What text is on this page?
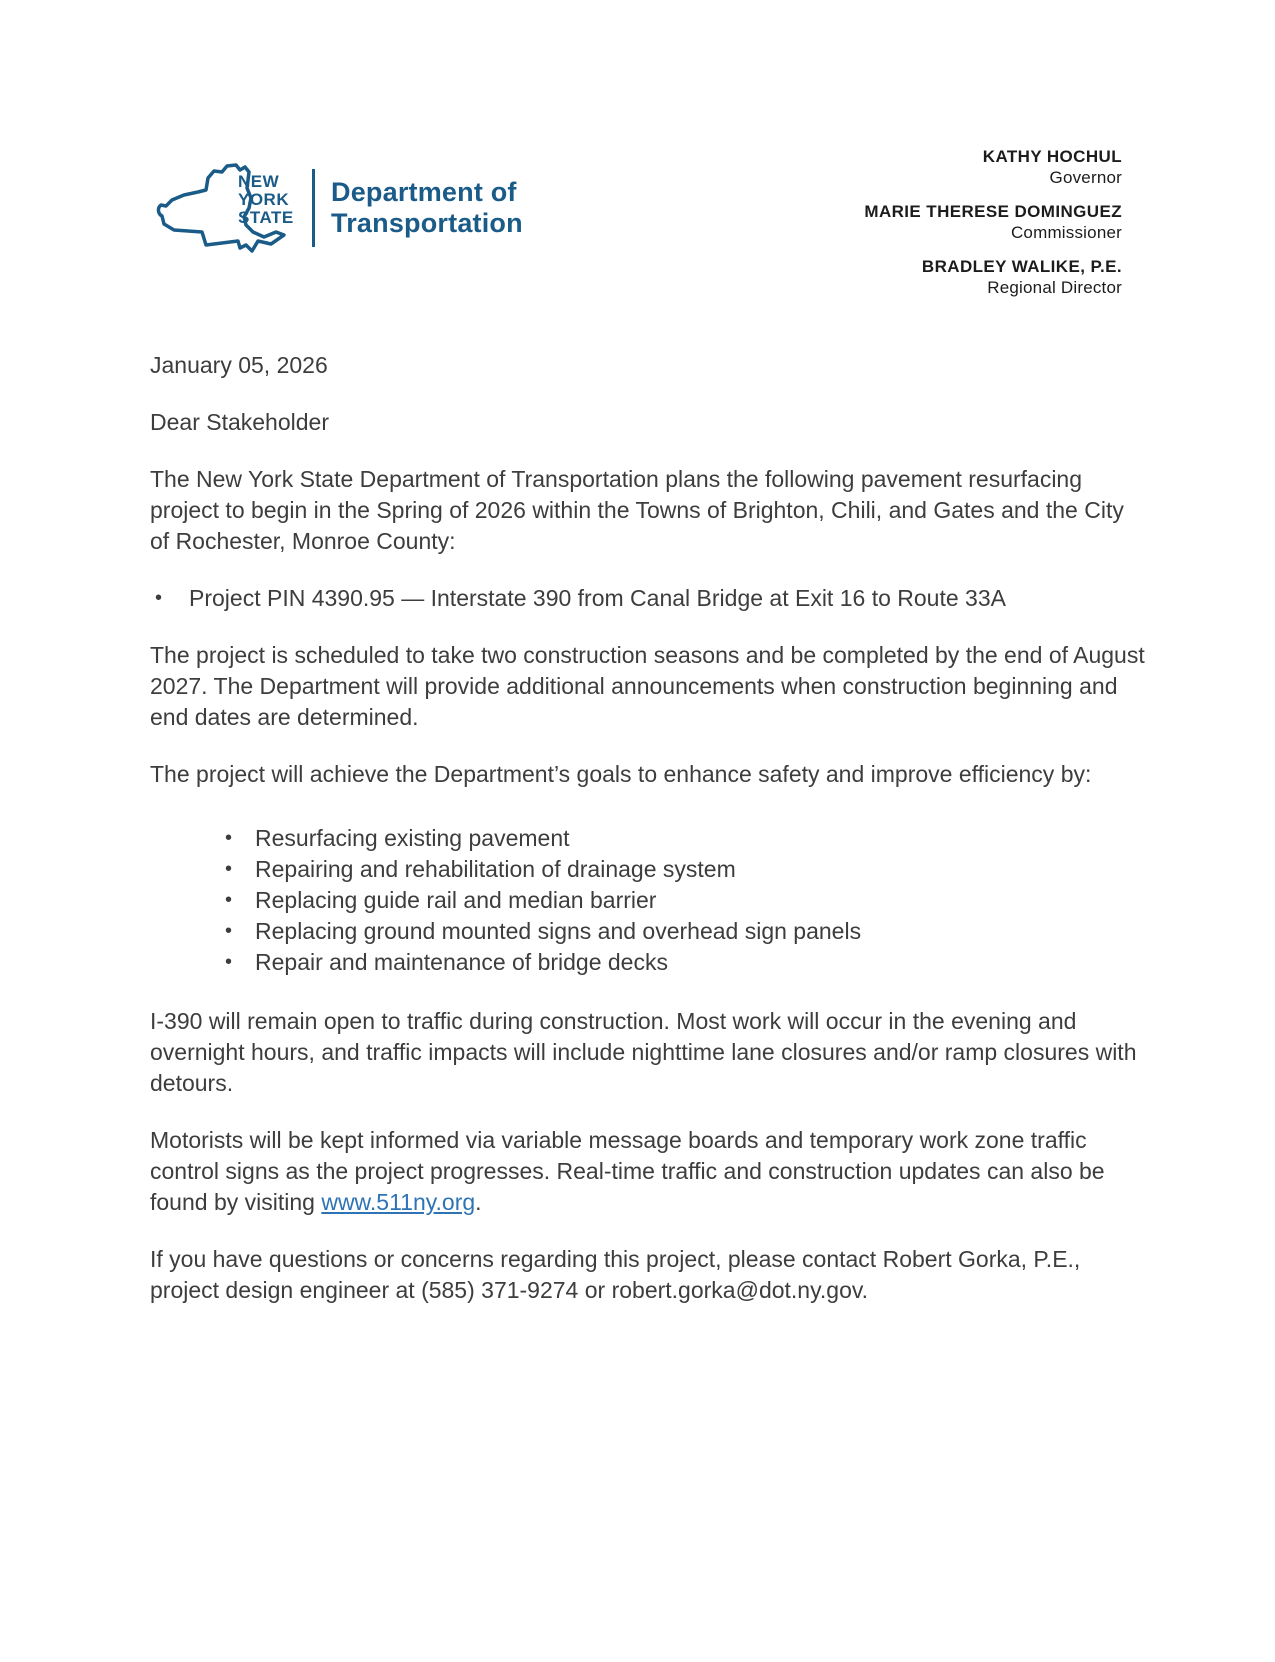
NEW
YORK
STATE
Department of
Transportation
KATHY HOCHUL
Governor
MARIE THERESE DOMINGUEZ
Commissioner
BRADLEY WALIKE, P.E.
Regional Director

January 05, 2026

Dear Stakeholder

The New York State Department of Transportation plans the following pavement resurfacing project to begin in the Spring of 2026 within the Towns of Brighton, Chili, and Gates and the City of Rochester, Monroe County:

•	Project PIN 4390.95 — Interstate 390 from Canal Bridge at Exit 16 to Route 33A

The project is scheduled to take two construction seasons and be completed by the end of August 2027. The Department will provide additional announcements when construction beginning and end dates are determined.

The project will achieve the Department’s goals to enhance safety and improve efficiency by:

• Resurfacing existing pavement
• Repairing and rehabilitation of drainage system
• Replacing guide rail and median barrier
• Replacing ground mounted signs and overhead sign panels
• Repair and maintenance of bridge decks

I-390 will remain open to traffic during construction. Most work will occur in the evening and overnight hours, and traffic impacts will include nighttime lane closures and/or ramp closures with detours.

Motorists will be kept informed via variable message boards and temporary work zone traffic control signs as the project progresses. Real-time traffic and construction updates can also be found by visiting www.511ny.org.

If you have questions or concerns regarding this project, please contact Robert Gorka, P.E., project design engineer at (585) 371-9274 or robert.gorka@dot.ny.gov.
